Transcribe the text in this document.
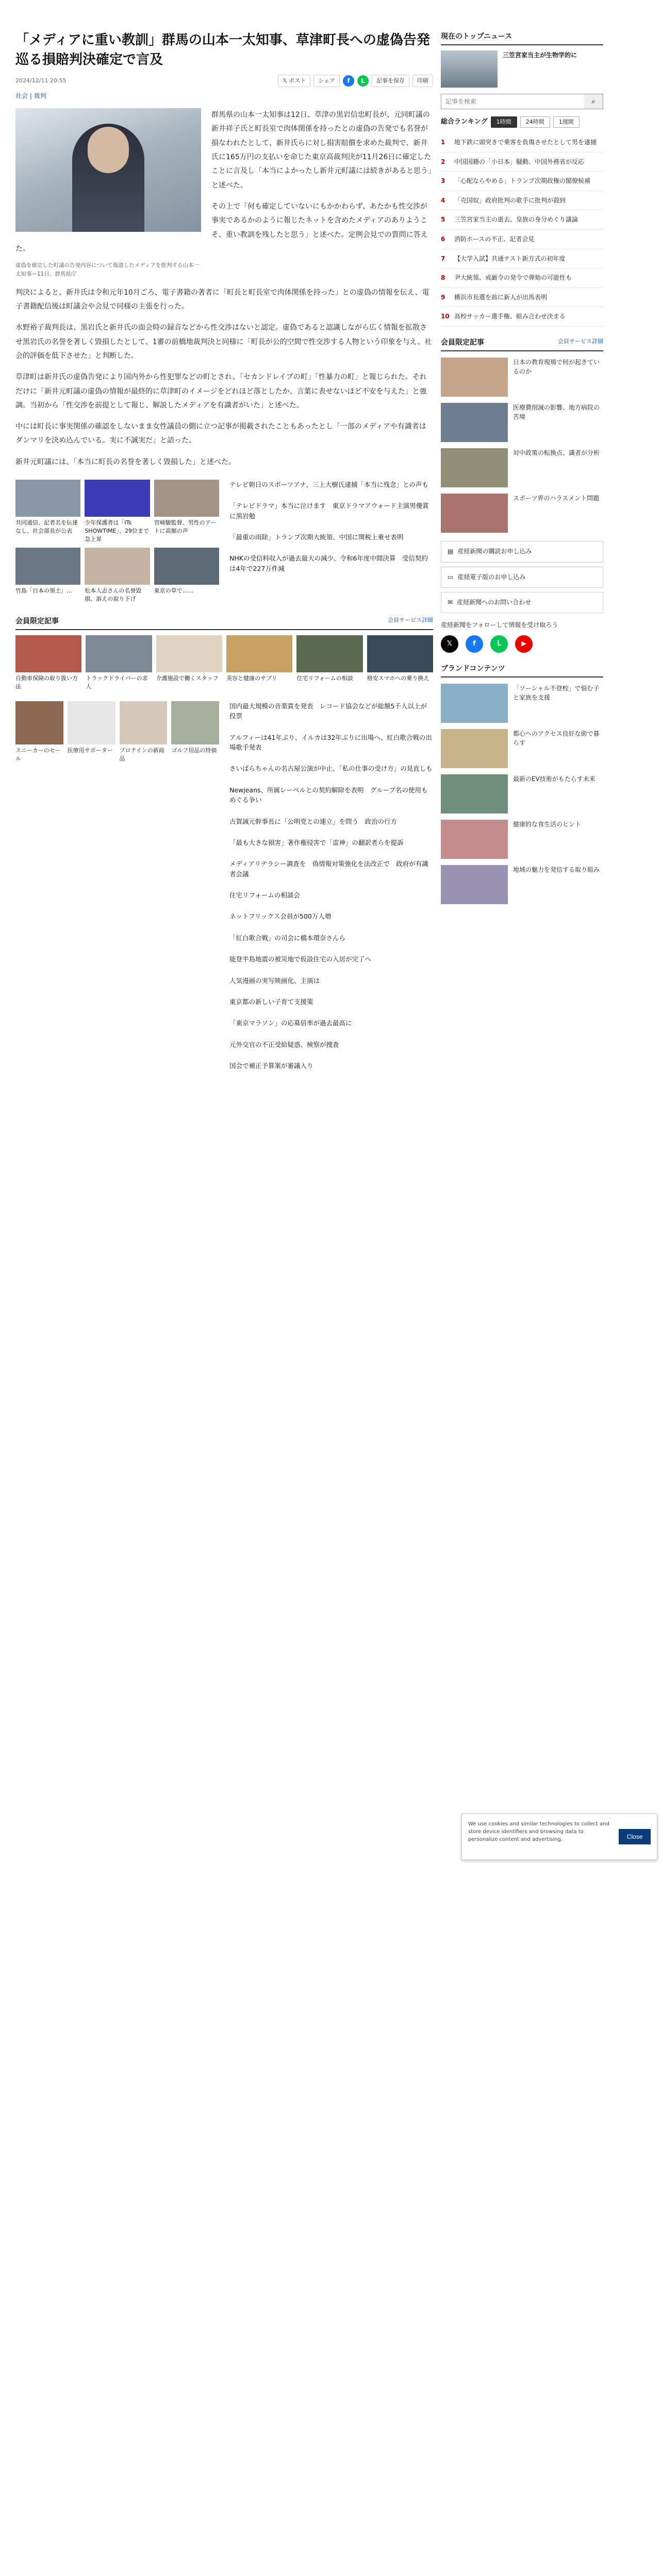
「メディアに重い教訓」群馬の山本一太知事、草津町長への虚偽告発巡る損賠判決確定で言及
2024/12/11 20:55	𝕏 ポスト	シェア	f	L	記事を保存	印刷
社会 | 裁判

群馬県の山本一太知事は12日、草津の黒岩信忠町長が、元同町議の新井祥子氏と町長室で肉体関係を持ったとの虚偽の告発でも名誉が損なわれたとして、新井氏らに対し損害賠償を求めた裁判で、新井氏に165万円の支払いを命じた東京高裁判決が11月26日に確定したことに言及し「本当によかったし新井元町議には続きがあると思う」と述べた。

その上で「何も確定していないにもかかわらず、あたかも性交渉が事実であるかのように報じたネットを含めたメディアのありようこそ、重い教訓を残したと思う」と述べた。定例会見での質問に答えた。

虚偽を確定した町議の告発内容について報道したメディアを批判する山本一太知事＝11日、群馬県庁

判決によると、新井氏は令和元年10月ごろ、電子書籍の著者に「町長と町長室で肉体関係を持った」との虚偽の情報を伝え、電子書籍配信後は町議会や会見で同様の主張を行った。

水野裕子裁判長は、黒岩氏と新井氏の面会時の録音などから性交渉はないと認定。虚偽であると認識しながら広く情報を拡散させ黒岩氏の名誉を著しく毀損したとして、1審の前橋地裁判決と同様に「町長が公的空間で性交渉する人物という印象を与え、社会的評価を低下させた」と判断した。

草津町は新井氏の虚偽告発により国内外から性犯罪などの町とされ、「セカンドレイプの町」「性暴力の町」と報じられた。それだけに「新井元町議の虚偽の情報が最終的に草津町のイメージをどれほど落としたか、言葉に表せないほど不安を与えた」と強調。当初から「性交渉を前提として報じ、解説したメディアを有識者がいた」と述べた。

中には町長に事実関係の確認をしないまま女性議員の側に立つ記事が掲載されたこともあったとし「一部のメディアや有識者はダンマリを決め込んでいる。実に不誠実だ」と語った。

新井元町議には、「本当に町長の名誉を著しく毀損した」と述べた。

共同通信、記者名を伝達なし、社会部長が公表
少年保護者は「ITs SHOWTIME」、29位まで急上昇
宮崎駿監督、男性のアートに高額の声
竹島「日本の領土」…	松本人志さんの名誉毀損、訴えの取り下げ
東京の草で……
テレビ朝日のスポーツアナ、三上大樹氏逮捕「本当に残念」との声も
「テレビドラマ」本当に泣けます　東京ドラマアウォード主演男優賞に黒岩勉
「最重の雨除」トランプ次期大統領、中国に関税上乗せ表明
NHKの受信料収入が過去最大の減少、令和6年度中間決算　受信契約は4年で227万件減
会員限定記事	会員サービス詳細
自動車保険の取り扱い方法
トラックドライバーの求人
介護施設で働くスタッフ	美容と健康のサプリ	住宅リフォームの相談	格安スマホへの乗り換え
スニーカーのセール
医療用サポーター	プロテインの新商品
ゴルフ用品の特価
国内最大規模の音楽賞を発表　レコード協会などが総額5千人以上が投票
アルフィーは41年ぶり、イルカは32年ぶりに出場へ、紅白歌合戦の出場歌手発表
さいばらちゃんの名古屋公演が中止、「私の仕事の受け方」の見直しも
Newjeans、所属レーベルとの契約解除を表明　グループ名の使用もめぐる争い
古賀誠元幹事長に「公明党との連立」を問う　政治の行方
「最も大きな損害」著作権侵害で「雷神」の翻訳者らを提訴
メディアリテラシー調査を　偽情報対策強化を法改正で　政府が有識者会議
住宅リフォームの相談会
ネットフリックス会員が500万人増
「紅白歌合戦」の司会に橋本環奈さんら
能登半島地震の被災地で仮設住宅の入居が完了へ
人気漫画の実写映画化、主演は
東京都の新しい子育て支援策
「東京マラソン」の応募倍率が過去最高に
元外交官の不正受給疑惑、検察が捜査
国会で補正予算案が審議入り
現在のトップニュース
三笠宮家当主が生物学的に
記事を検索
⌕
総合ランキング	1時間	24時間	1週間
1	地下鉄に頭突きで乗客を負傷させたとして男を逮捕
2	中国国籍の「小日本」騒動、中国外務省が反応
3	「心配ならやめる」トランプ次期政権の閣僚候補
4	「売国奴」政府批判の歌手に批判が殺到
5	三笠宮家当主の逝去、皇族の身分めぐり議論
6	消防ホースの不正、記者会見
7	【大学入試】共通テスト新方式の初年度
8	尹大統領、戒厳令の発令で弾劾の可能性も
9	横浜市長選を前に新人が出馬表明
10 高校サッカー選手権、組み合わせ決まる
会員限定記事	会員サービス詳細
日本の教育現場で何が起きているのか
医療費削減の影響、地方病院の苦境
対中政策の転換点、識者が分析
スポーツ界のハラスメント問題
▤ 産経新聞の購読お申し込み
▭ 産経電子版のお申し込み
✉ 産経新聞へのお問い合わせ
産経新聞をフォローして情報を受け取ろう
𝕏	f	L	▶
ブランドコンテンツ
「ソーシャル不登校」で悩む子と家族を支援
都心へのアクセス良好な街で暮らす
最新のEV技術がもたらす未来
健康的な食生活のヒント
地域の魅力を発信する取り組み
We use cookies and similar technologies to collect and store device identifiers and browsing data to personalize content and advertising.	Close
